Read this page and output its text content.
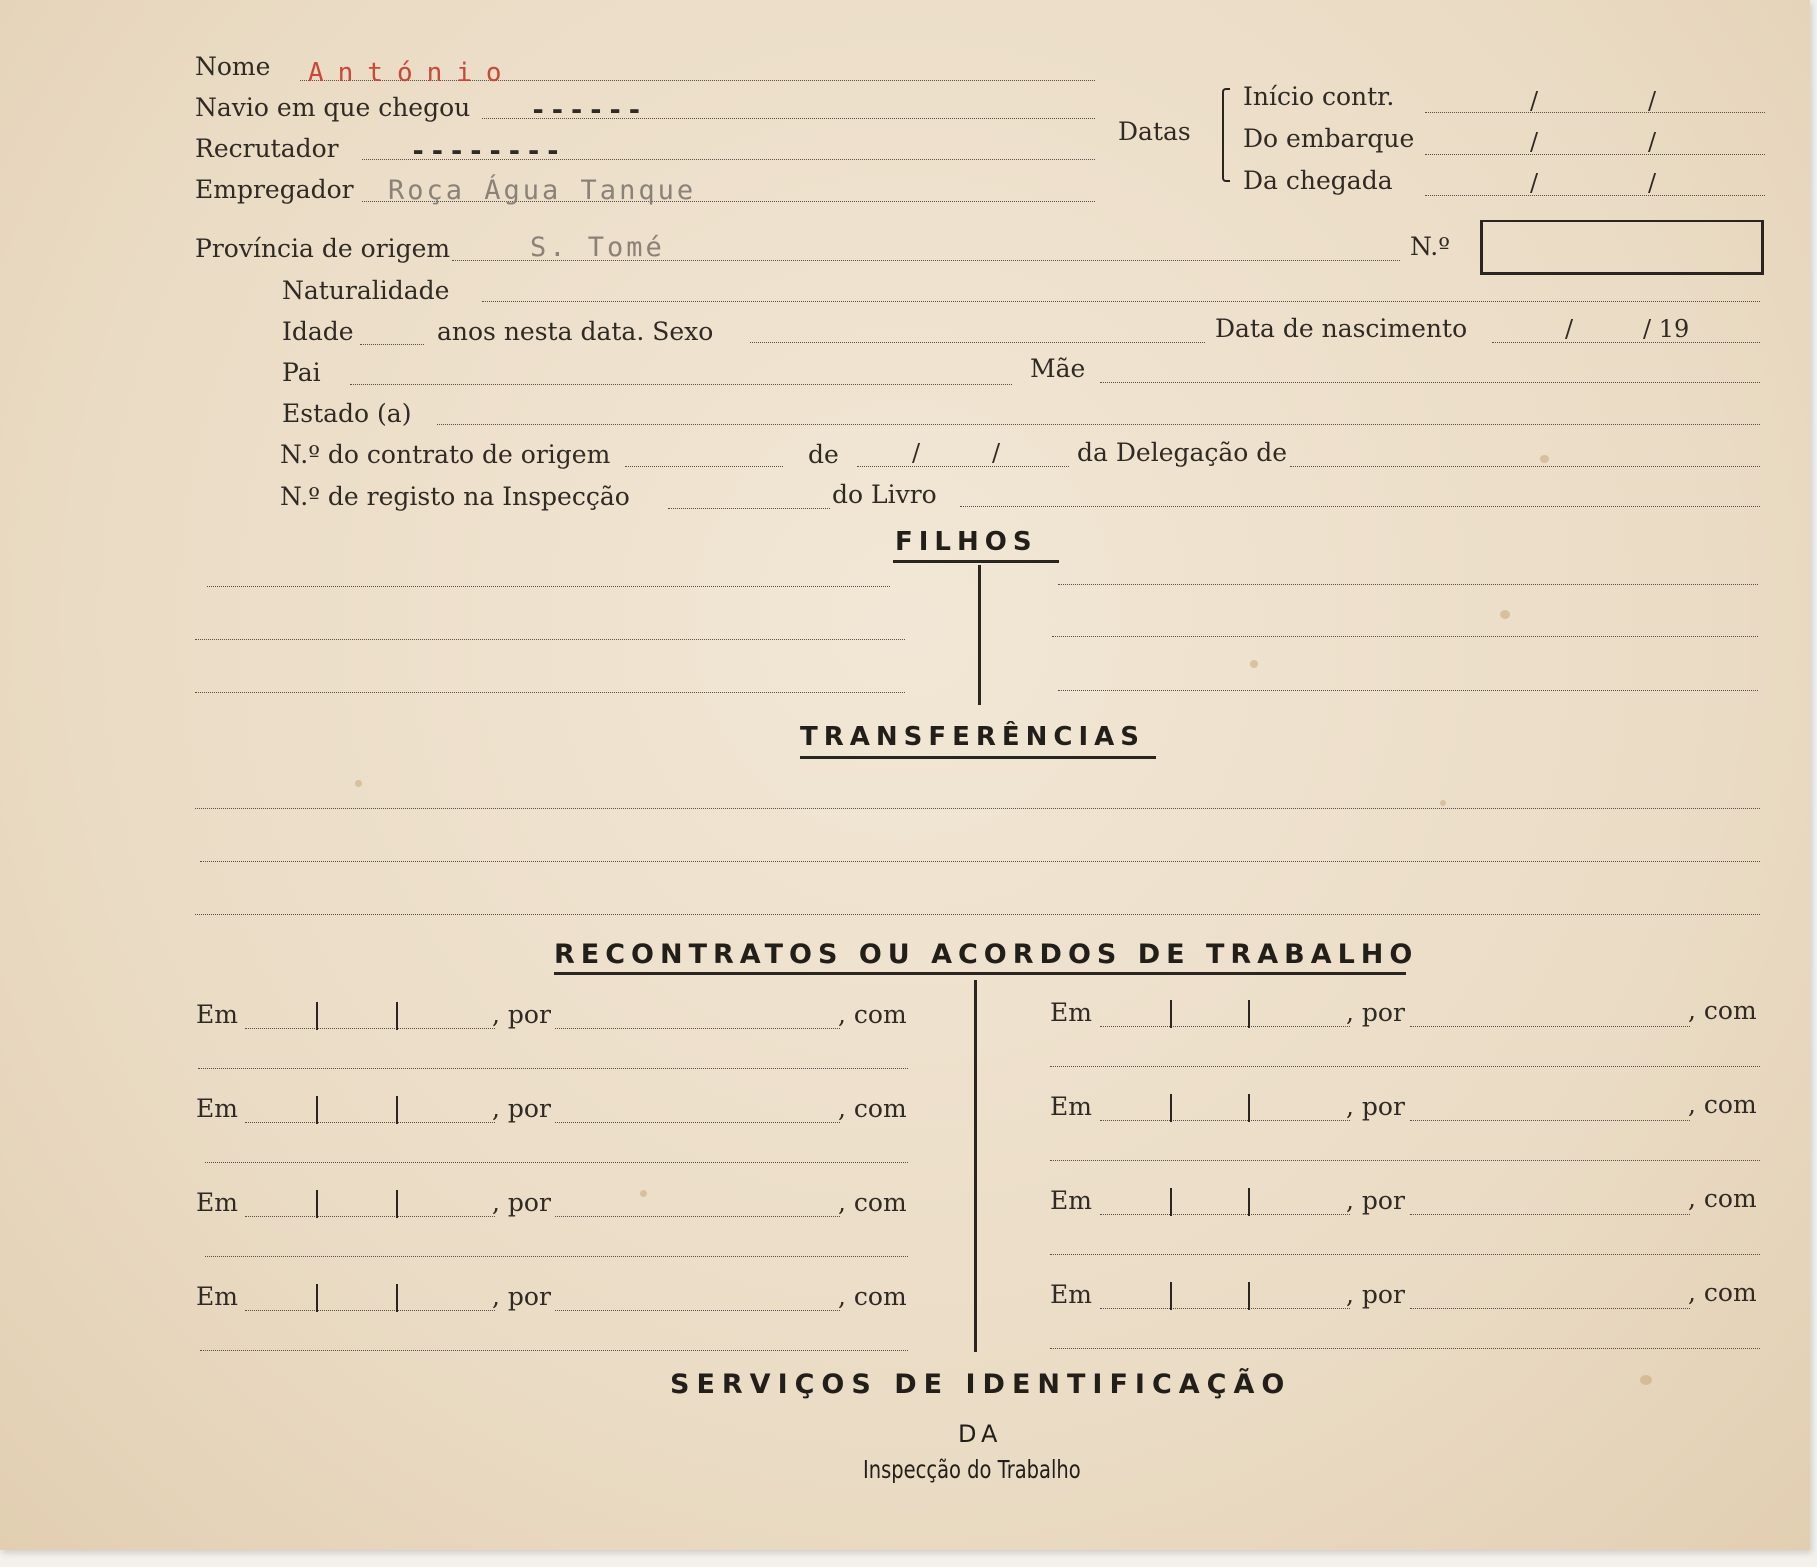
Nome António
Navio em que chegou ------
Recrutador	--------
Empregador Roça Água Tanque
Datas
Início contr.	/	/
Do embarque	/	/
Da chegada	/	/
Província de origem	S. Tomé	N.º
Naturalidade
Idade	anos nesta data. Sexo	Data de nascimento	/	/ 19
Pai	Mãe
Estado (a)
N.º do contrato de origem	de	/	/	da Delegação de
N.º de registo na Inspecção	do Livro
FILHOS
TRANSFERÊNCIAS
RECONTRATOS OU ACORDOS DE TRABALHO
Em	, por	, com
Em	, por	, com
Em	, por	, com
Em	, por	, com
Em	, por	, com
Em	, por	, com
Em	, por	, com
Em	, por	, com
SERVIÇOS DE IDENTIFICAÇÃO
DA
Inspecção do Trabalho
